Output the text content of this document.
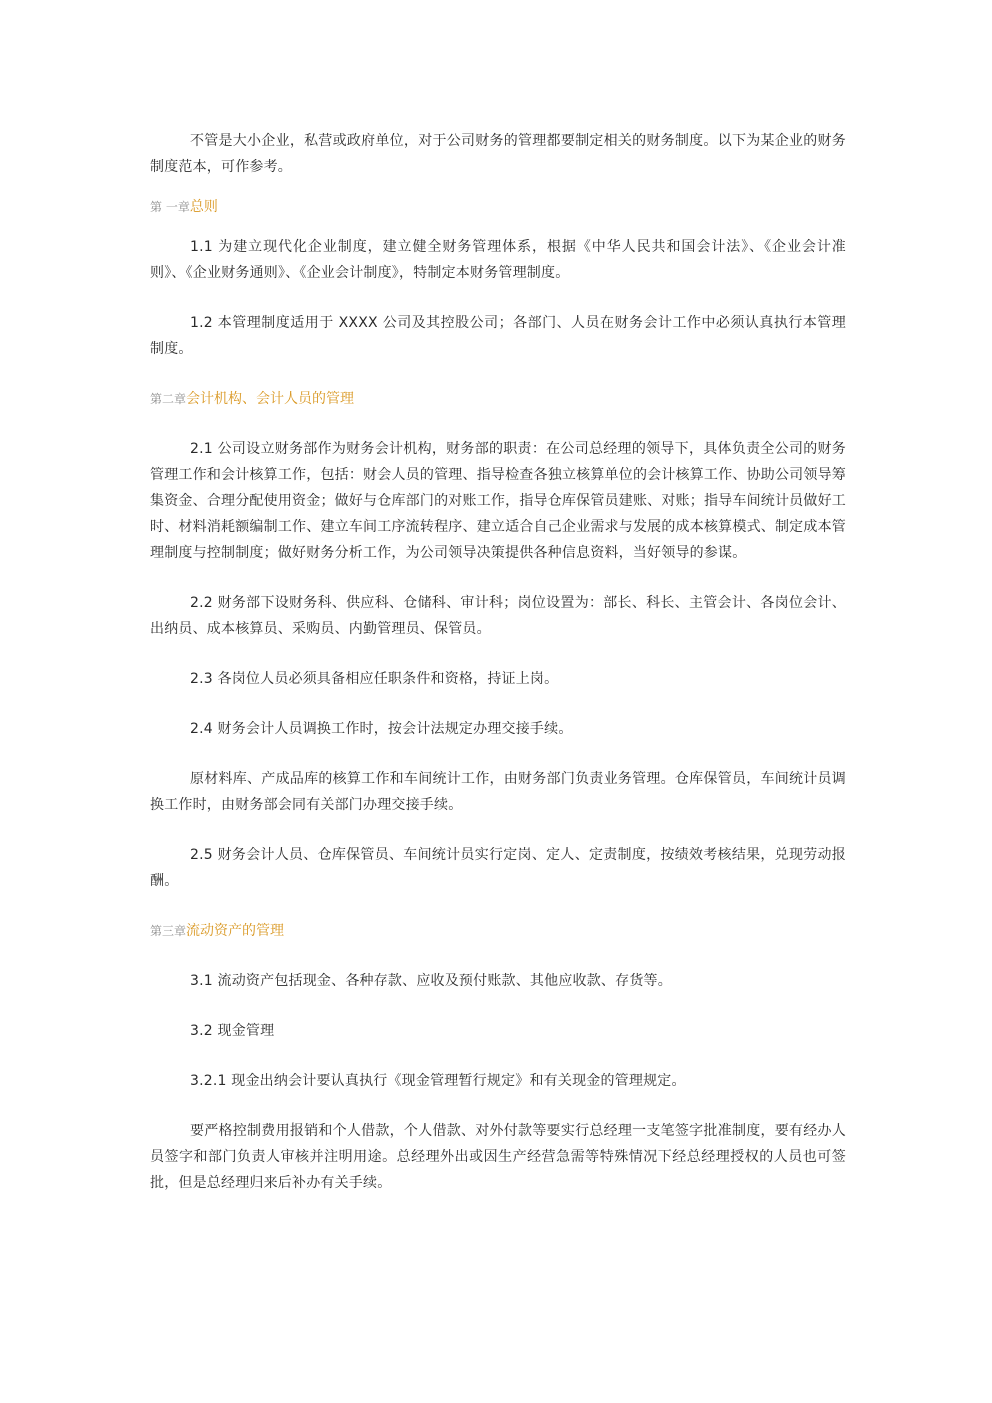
不管是大小企业，私营或政府单位，对于公司财务的管理都要制定相关的财务制度。以下为某企业的财务制度范本，可作参考。

第 一章总则

1.1 为建立现代化企业制度，建立健全财务管理体系，根据《中华人民共和国会计法》、《企业会计准则》、《企业财务通则》、《企业会计制度》，特制定本财务管理制度。

1.2 本管理制度适用于 XXXX 公司及其控股公司；各部门、人员在财务会计工作中必须认真执行本管理制度。

第二章会计机构、会计人员的管理

2.1 公司设立财务部作为财务会计机构，财务部的职责：在公司总经理的领导下，具体负责全公司的财务管理工作和会计核算工作，包括：财会人员的管理、指导检查各独立核算单位的会计核算工作、协助公司领导筹集资金、合理分配使用资金；做好与仓库部门的对账工作，指导仓库保管员建账、对账；指导车间统计员做好工时、材料消耗额编制工作、建立车间工序流转程序、建立适合自己企业需求与发展的成本核算模式、制定成本管理制度与控制制度；做好财务分析工作，为公司领导决策提供各种信息资料，当好领导的参谋。

2.2 财务部下设财务科、供应科、仓储科、审计科；岗位设置为：部长、科长、主管会计、各岗位会计、出纳员、成本核算员、采购员、内勤管理员、保管员。

2.3 各岗位人员必须具备相应任职条件和资格，持证上岗。

2.4 财务会计人员调换工作时，按会计法规定办理交接手续。

原材料库、产成品库的核算工作和车间统计工作，由财务部门负责业务管理。仓库保管员，车间统计员调换工作时，由财务部会同有关部门办理交接手续。

2.5 财务会计人员、仓库保管员、车间统计员实行定岗、定人、定责制度，按绩效考核结果，兑现劳动报酬。

第三章流动资产的管理

3.1 流动资产包括现金、各种存款、应收及预付账款、其他应收款、存货等。

3.2 现金管理

3.2.1 现金出纳会计要认真执行《现金管理暂行规定》和有关现金的管理规定。

要严格控制费用报销和个人借款，个人借款、对外付款等要实行总经理一支笔签字批准制度，要有经办人员签字和部门负责人审核并注明用途。总经理外出或因生产经营急需等特殊情况下经总经理授权的人员也可签批，但是总经理归来后补办有关手续。
